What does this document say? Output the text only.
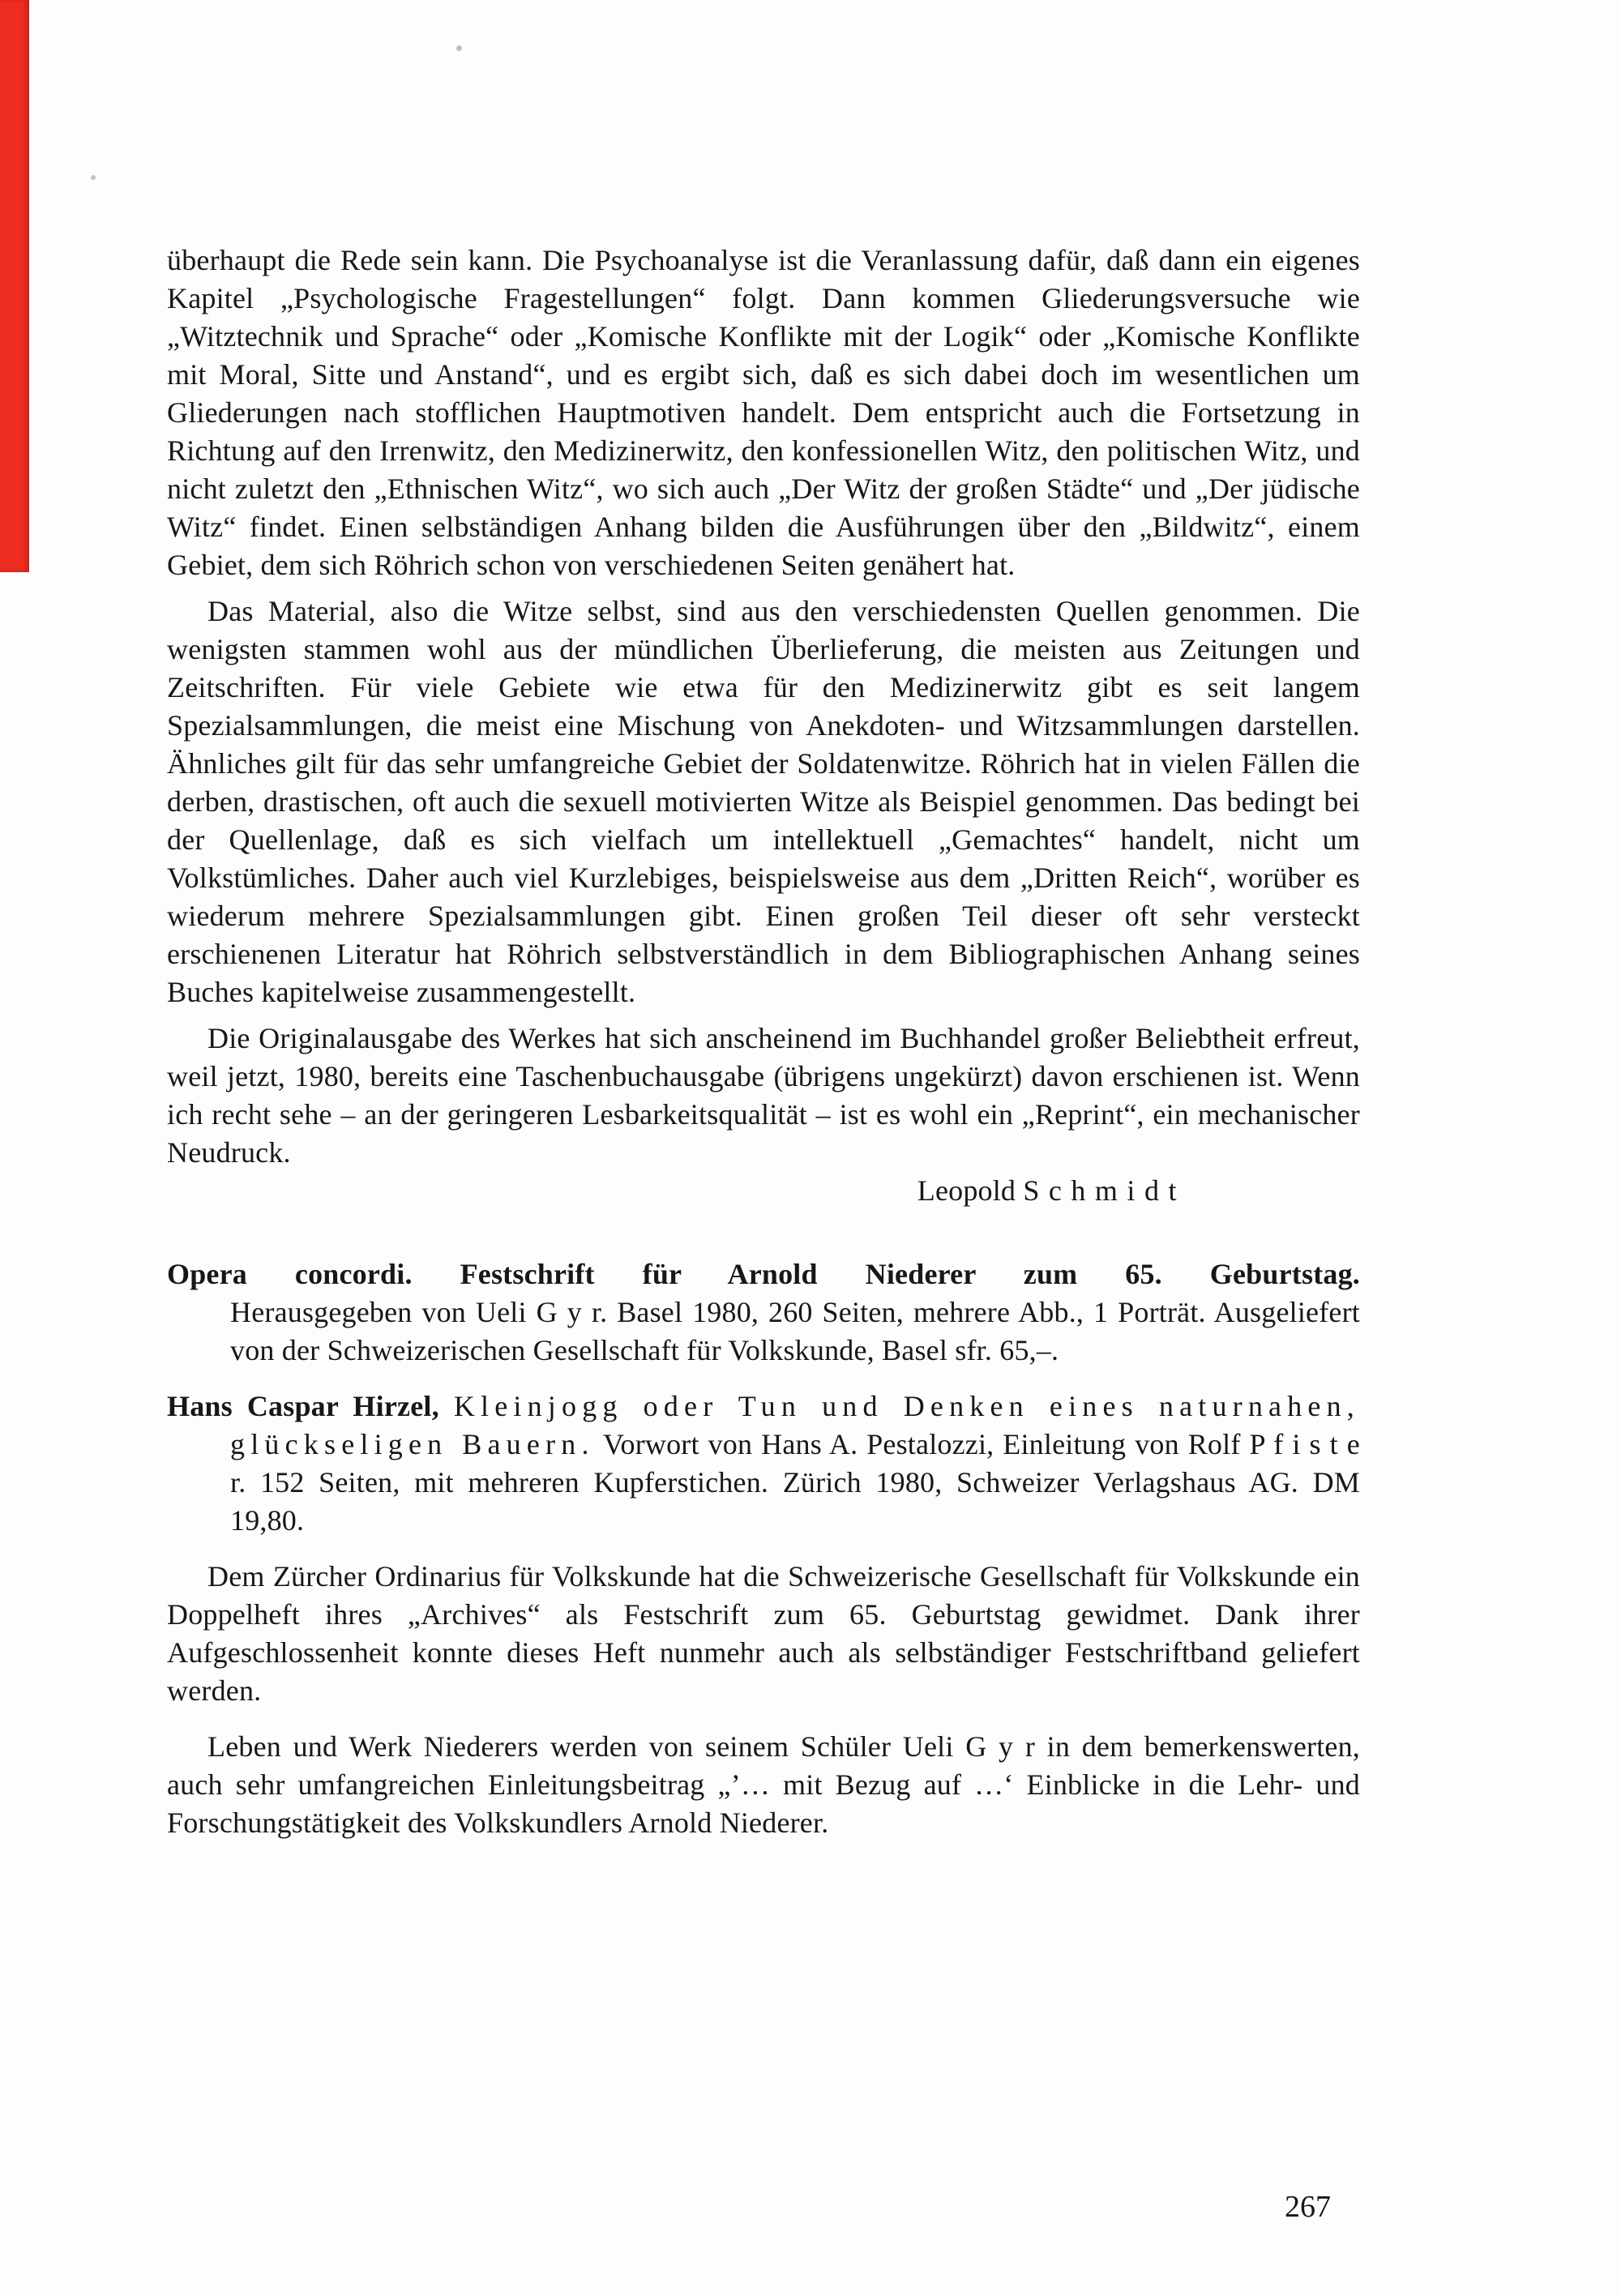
überhaupt die Rede sein kann. Die Psychoanalyse ist die Veranlassung dafür, daß dann ein eigenes Kapitel „Psychologische Fragestellungen“ folgt. Dann kommen Gliederungsversuche wie „Witztechnik und Sprache“ oder „Komische Konflikte mit der Logik“ oder „Komische Konflikte mit Moral, Sitte und Anstand“, und es ergibt sich, daß es sich dabei doch im wesentlichen um Gliederungen nach stofflichen Hauptmotiven handelt. Dem entspricht auch die Fortsetzung in Richtung auf den Irrenwitz, den Medizinerwitz, den konfessionellen Witz, den politischen Witz, und nicht zuletzt den „Ethnischen Witz“, wo sich auch „Der Witz der großen Städte“ und „Der jüdische Witz“ findet. Einen selbständigen Anhang bilden die Ausführungen über den „Bildwitz“, einem Gebiet, dem sich Röhrich schon von verschiedenen Seiten genähert hat.

Das Material, also die Witze selbst, sind aus den verschiedensten Quellen genommen. Die wenigsten stammen wohl aus der mündlichen Überlieferung, die meisten aus Zeitungen und Zeitschriften. Für viele Gebiete wie etwa für den Medizinerwitz gibt es seit langem Spezialsammlungen, die meist eine Mischung von Anekdoten- und Witzsammlungen darstellen. Ähnliches gilt für das sehr umfangreiche Gebiet der Soldatenwitze. Röhrich hat in vielen Fällen die derben, drastischen, oft auch die sexuell motivierten Witze als Beispiel genommen. Das bedingt bei der Quellenlage, daß es sich vielfach um intellektuell „Gemachtes“ handelt, nicht um Volkstümliches. Daher auch viel Kurzlebiges, beispielsweise aus dem „Dritten Reich“, worüber es wiederum mehrere Spezialsammlungen gibt. Einen großen Teil dieser oft sehr versteckt erschienenen Literatur hat Röhrich selbstverständlich in dem Bibliographischen Anhang seines Buches kapitelweise zusammengestellt.

Die Originalausgabe des Werkes hat sich anscheinend im Buchhandel großer Beliebtheit erfreut, weil jetzt, 1980, bereits eine Taschenbuchausgabe (übrigens ungekürzt) davon erschienen ist. Wenn ich recht sehe – an der geringeren Lesbarkeitsqualität – ist es wohl ein „Reprint“, ein mechanischer Neudruck.

Leopold Schmidt
Opera concordi. Festschrift für Arnold Niederer zum 65. Geburtstag.
Herausgegeben von Ueli G y r. Basel 1980, 260 Seiten, mehrere Abb., 1 Porträt. Ausgeliefert von der Schweizerischen Gesellschaft für Volkskunde, Basel sfr. 65,–.
Hans Caspar Hirzel, Kleinjogg oder Tun und Denken eines naturnahen, glückseligen Bauern. Vorwort von Hans A. Pestalozzi, Einleitung von Rolf P f i s t e r. 152 Seiten, mit mehreren Kupferstichen. Zürich 1980, Schweizer Verlagshaus AG. DM 19,80.

Dem Zürcher Ordinarius für Volkskunde hat die Schweizerische Gesellschaft für Volkskunde ein Doppelheft ihres „Archives“ als Festschrift zum 65. Geburtstag gewidmet. Dank ihrer Aufgeschlossenheit konnte dieses Heft nunmehr auch als selbständiger Festschriftband geliefert werden.

Leben und Werk Niederers werden von seinem Schüler Ueli G y r in dem bemerkenswerten, auch sehr umfangreichen Einleitungsbeitrag „’… mit Bezug auf …‘ Einblicke in die Lehr- und Forschungstätigkeit des Volkskundlers Arnold Niederer.

267
